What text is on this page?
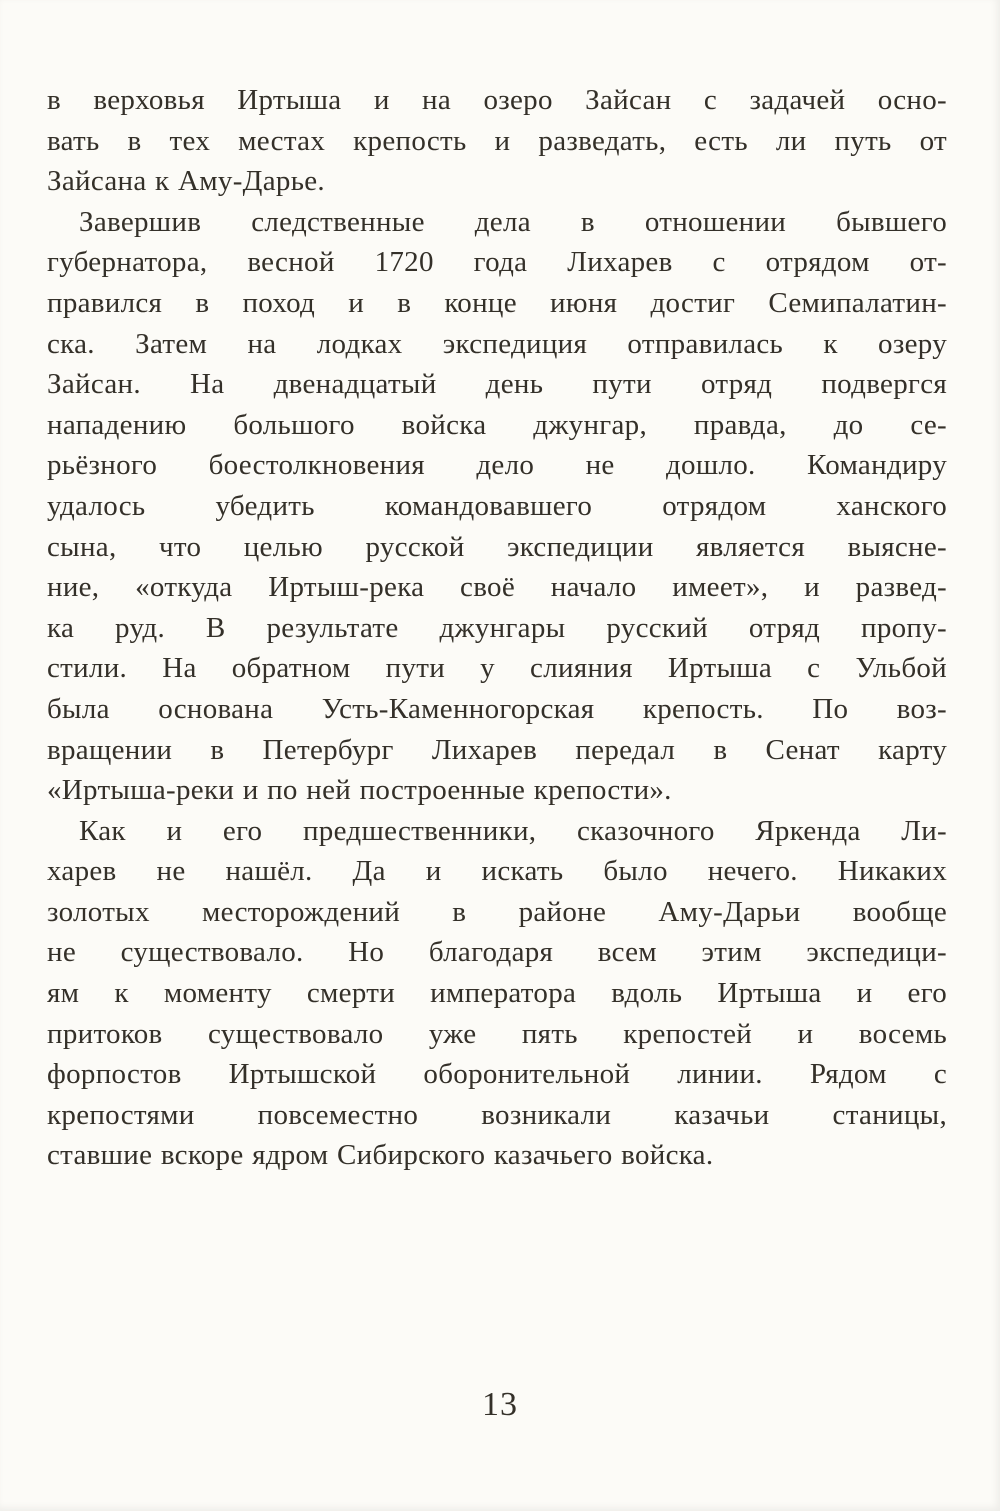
в верховья Иртыша и на озеро Зайсан с задачей осно-
вать в тех местах крепость и разведать, есть ли путь от
Зайсана к Аму-Дарье.
Завершив следственные дела в отношении бывшего
губернатора, весной 1720 года Лихарев с отрядом от-
правился в поход и в конце июня достиг Семипалатин-
ска. Затем на лодках экспедиция отправилась к озеру
Зайсан. На двенадцатый день пути отряд подвергся
нападению большого войска джунгар, правда, до се-
рьёзного боестолкновения дело не дошло. Командиру
удалось убедить командовавшего отрядом ханского
сына, что целью русской экспедиции является выясне-
ние, «откуда Иртыш-река своё начало имеет», и развед-
ка руд. В результате джунгары русский отряд пропу-
стили. На обратном пути у слияния Иртыша с Ульбой
была основана Усть-Каменногорская крепость. По воз-
вращении в Петербург Лихарев передал в Сенат карту
«Иртыша-реки и по ней построенные крепости».
Как и его предшественники, сказочного Яркенда Ли-
харев не нашёл. Да и искать было нечего. Никаких
золотых месторождений в районе Аму-Дарьи вообще
не существовало. Но благодаря всем этим экспедици-
ям к моменту смерти императора вдоль Иртыша и его
притоков существовало уже пять крепостей и восемь
форпостов Иртышской оборонительной линии. Рядом с
крепостями повсеместно возникали казачьи станицы,
ставшие вскоре ядром Сибирского казачьего войска.
13
